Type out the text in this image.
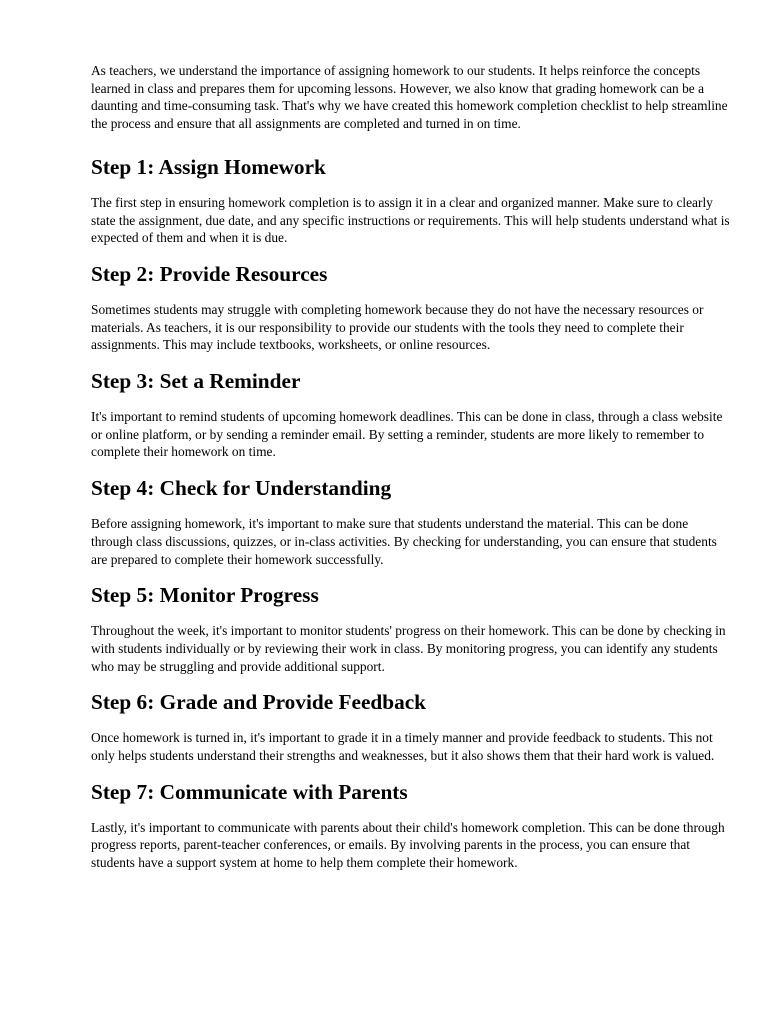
As teachers, we understand the importance of assigning homework to our students. It helps reinforce the concepts learned in class and prepares them for upcoming lessons. However, we also know that grading homework can be a daunting and time-consuming task. That's why we have created this homework completion checklist to help streamline the process and ensure that all assignments are completed and turned in on time.

Step 1: Assign Homework

The first step in ensuring homework completion is to assign it in a clear and organized manner. Make sure to clearly state the assignment, due date, and any specific instructions or requirements. This will help students understand what is expected of them and when it is due.

Step 2: Provide Resources

Sometimes students may struggle with completing homework because they do not have the necessary resources or materials. As teachers, it is our responsibility to provide our students with the tools they need to complete their assignments. This may include textbooks, worksheets, or online resources.

Step 3: Set a Reminder

It's important to remind students of upcoming homework deadlines. This can be done in class, through a class website or online platform, or by sending a reminder email. By setting a reminder, students are more likely to remember to complete their homework on time.

Step 4: Check for Understanding

Before assigning homework, it's important to make sure that students understand the material. This can be done through class discussions, quizzes, or in-class activities. By checking for understanding, you can ensure that students are prepared to complete their homework successfully.

Step 5: Monitor Progress

Throughout the week, it's important to monitor students' progress on their homework. This can be done by checking in with students individually or by reviewing their work in class. By monitoring progress, you can identify any students who may be struggling and provide additional support.

Step 6: Grade and Provide Feedback

Once homework is turned in, it's important to grade it in a timely manner and provide feedback to students. This not only helps students understand their strengths and weaknesses, but it also shows them that their hard work is valued.

Step 7: Communicate with Parents

Lastly, it's important to communicate with parents about their child's homework completion. This can be done through progress reports, parent-teacher conferences, or emails. By involving parents in the process, you can ensure that students have a support system at home to help them complete their homework.
